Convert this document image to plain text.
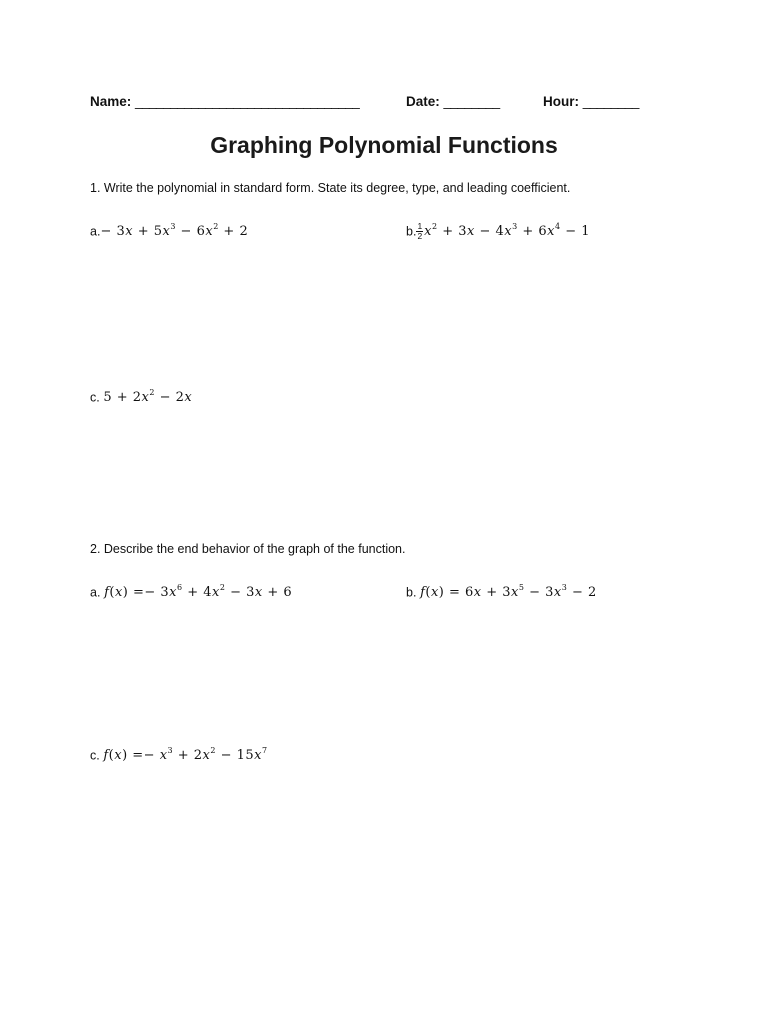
Name: ________________________________	Date: ________	Hour: ________
Graphing Polynomial Functions
1. Write the polynomial in standard form. State its degree, type, and leading coefficient.
a.− 3𝑥 + 5𝑥$^3$ − 6𝑥$^2$ + 2	b. $\frac{1}{2}$ 𝑥$^2$ + 3𝑥 − 4𝑥$^3$ + 6𝑥$^4$ − 1
c. 5 + 2𝑥$^2$ − 2𝑥
2. Describe the end behavior of the graph of the function.
a. 𝑓(𝑥) =− 3𝑥$^6$ + 4𝑥$^2$ − 3𝑥 + 6	b. 𝑓(𝑥) = 6𝑥 + 3𝑥$^5$ − 3𝑥$^3$ − 2
c. 𝑓(𝑥) =− 𝑥$^3$ + 2𝑥$^2$ − 15𝑥$^7$
